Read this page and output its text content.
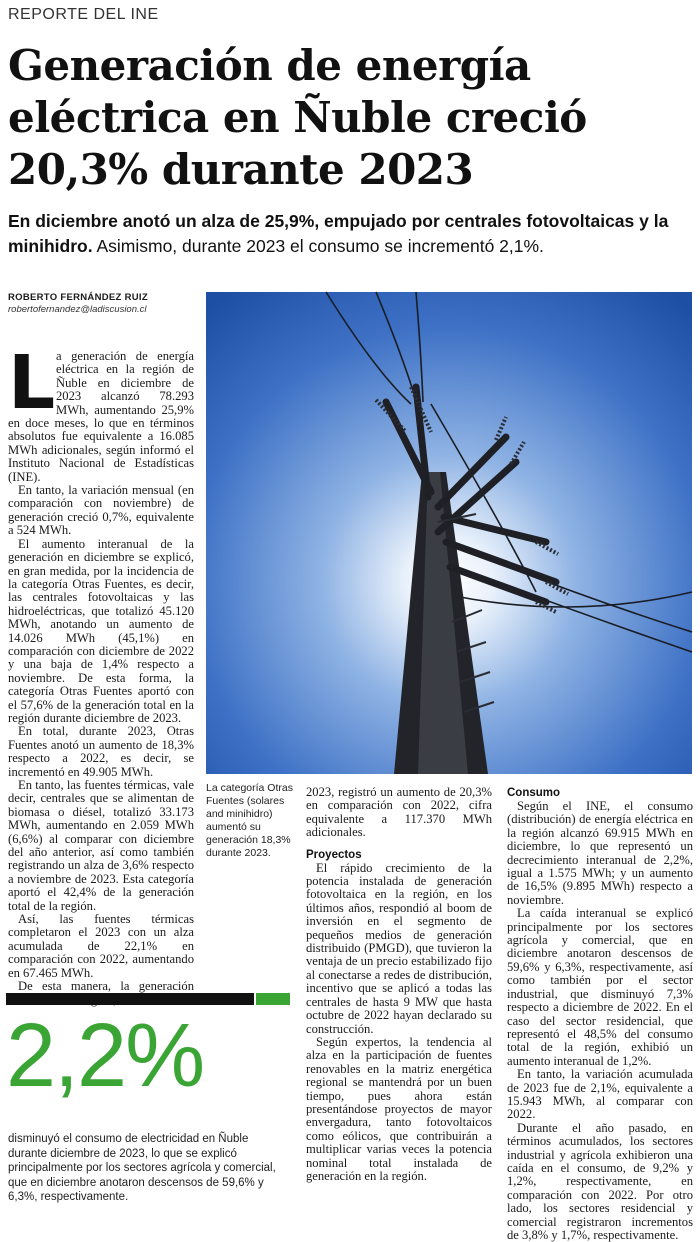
REPORTE DEL INE
Generación de energía eléctrica en Ñuble creció 20,3% durante 2023
En diciembre anotó un alza de 25,9%, empujado por centrales fotovoltaicas y la minihidro. Asimismo, durante 2023 el consumo se incrementó 2,1%.
ROBERTO FERNÁNDEZ RUIZ
robertofernandez@ladiscusion.cl
L a generación de energía eléctrica en la región de Ñuble en diciembre de 2023 alcanzó 78.293 MWh, aumentando 25,9% en doce meses, lo que en términos absolutos fue equivalente a 16.085 MWh adicionales, según informó el Instituto Nacional de Estadísticas (INE).

En tanto, la variación mensual (en comparación con noviembre) de generación creció 0,7%, equivalente a 524 MWh.

El aumento interanual de la generación en diciembre se explicó, en gran medida, por la incidencia de la categoría Otras Fuentes, es decir, las centrales fotovoltaicas y las hidroeléctricas, que totalizó 45.120 MWh, anotando un aumento de 14.026 MWh (45,1%) en comparación con diciembre de 2022 y una baja de 1,4% respecto a noviembre. De esta forma, la categoría Otras Fuentes aportó con el 57,6% de la generación total en la región durante diciembre de 2023.

En total, durante 2023, Otras Fuentes anotó un aumento de 18,3% respecto a 2022, es decir, se incrementó en 49.905 MWh.

En tanto, las fuentes térmicas, vale decir, centrales que se alimentan de biomasa o diésel, totalizó 33.173 MWh, aumentando en 2.059 MWh (6,6%) al comparar con diciembre del año anterior, así como también registrando un alza de 3,6% respecto a noviembre de 2023. Esta categoría aportó el 42,4% de la generación total de la región.

Así, las fuentes térmicas completaron el 2023 con un alza acumulada de 22,1% en comparación con 2022, aumentando en 67.465 MWh.

De esta manera, la generación

La categoría Otras Fuentes (solares and minihidro) aumentó su generación 18,3% durante 2023.

2023, registró un aumento de 20,3% en comparación con 2022, cifra equivalente a 117.370 MWh adicionales.

Proyectos

El rápido crecimiento de la potencia instalada de generación fotovoltaica en la región, en los últimos años, respondió al boom de inversión en el segmento de pequeños medios de generación distribuido (PMGD), que tuvieron la ventaja de un precio estabilizado fijo al conectarse a redes de distribución, incentivo que se aplicó a todas las centrales de hasta 9 MW que hasta octubre de 2022 hayan declarado su construcción.

Según expertos, la tendencia al alza en la participación de fuentes renovables en la matriz energética regional se mantendrá por un buen tiempo, pues ahora están presentándose proyectos de mayor envergadura, tanto fotovoltaicos como eólicos, que contribuirán a multiplicar varias veces la potencia nominal total instalada de generación en la región.

Consumo

Según el INE, el consumo (distribución) de energía eléctrica en la región alcanzó 69.915 MWh en diciembre, lo que representó un decrecimiento interanual de 2,2%, igual a 1.575 MWh; y un aumento de 16,5% (9.895 MWh) respecto a noviembre.

La caída interanual se explicó principalmente por los sectores agrícola y comercial, que en diciembre anotaron descensos de 59,6% y 6,3%, respectivamente, así como también por el sector industrial, que disminuyó 7,3% respecto a diciembre de 2022. En el caso del sector residencial, que representó el 48,5% del consumo total de la región, exhibió un aumento interanual de 1,2%.

En tanto, la variación acumulada de 2023 fue de 2,1%, equivalente a 15.943 MWh, al comparar con 2022.

Durante el año pasado, en términos acumulados, los sectores industrial y agrícola exhibieron una caída en el consumo, de 9,2% y 1,2%, respectivamente, en comparación con 2022. Por otro lado, los sectores residencial y comercial registraron incrementos de 3,8% y 1,7%, respectivamente.

2,2%
disminuyó el consumo de electricidad en Ñuble durante diciembre de 2023, lo que se explicó principalmente por los sectores agrícola y comercial, que en diciembre anotaron descensos de 59,6% y 6,3%, respectivamente.
